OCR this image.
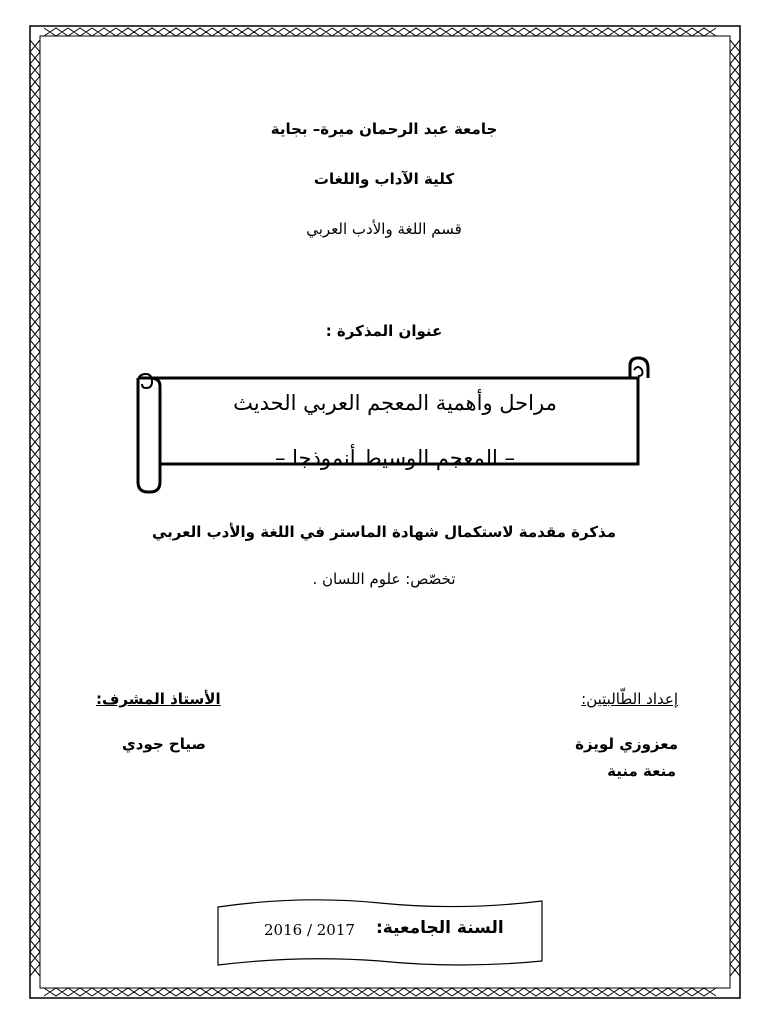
جامعة عبد الرحمان ميرة– بجاية
كلية الآداب واللغات
قسم اللغة والأدب العربي
عنوان المذكرة :
مراحل وأهمية المعجم العربي الحديث
– المعجم الوسيط أنموذجا –
مذكرة مقدمة لاستكمال شهادة الماستر في اللغة والأدب العربي
تخصّص: علوم اللسان .
إعداد الطّالبتين:
معزوزي لويزة
منعة منية
الأستاذ المشرف:
صياح جودي
السنة الجامعية:
2016 / 2017
